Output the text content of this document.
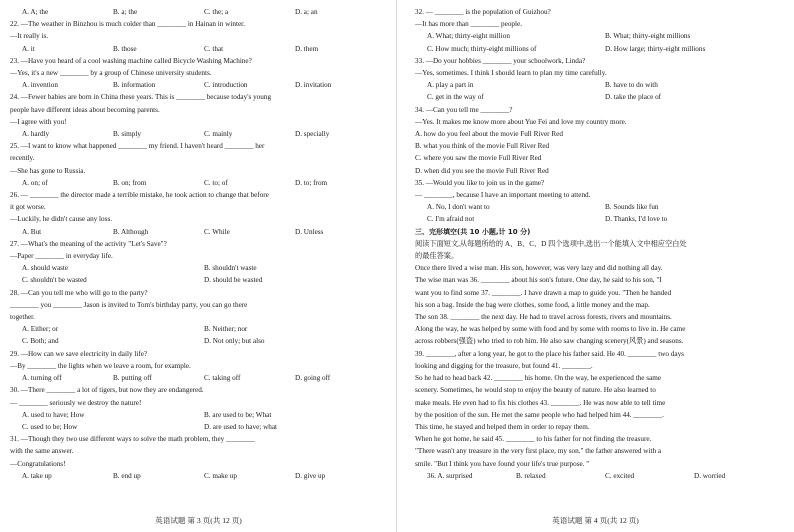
A. A; the	B. a; the	C. the; a	D. a; an
22. —The weather in Binzhou is much colder than ________ in Hainan in winter.
—It really is.
A. it	B. those	C. that	D. them
23. —Have you heard of a cool washing machine called Bicycle Washing Machine?
—Yes, it's a new ________ by a group of Chinese university students.
A. invention	B. information	C. introduction	D. invitation
24. —Fewer babies are born in China these years. This is ________ because today's young
people have different ideas about becoming parents.
—I agree with you!
A. hardly	B. simply	C. mainly	D. specially
25. —I want to know what happened ________ my friend. I haven't heard ________ her
recently.
—She has gone to Russia.
A. on; of	B. on; from	C. to; of	D. to; from
26. — ________ the director made a terrible mistake, he took action to change that before
it got worse.
—Luckily, he didn't cause any loss.
A. But	B. Although	C. While	D. Unless
27. —What's the meaning of the activity "Let's Save"?
—Paper ________ in everyday life.
A. should waste	B. shouldn't waste
C. shouldn't be wasted	D. should be wasted
28. —Can you tell me who will go to the party?
________ you ________ Jason is invited to Tom's birthday party, you can go there
together.
A. Either; or	B. Neither; nor
C. Both; and	D. Not only; but also
29. —How can we save electricity in daily life?
—By ________ the lights when we leave a room, for example.
A. turning off	B. putting off	C. taking off	D. going off
30. —There ________ a lot of tigers, but now they are endangered.
— ________ seriously we destroy the nature!
A. used to have; How	B. are used to be; What
C. used to be; How	D. are used to have; what
31. —Though they two use different ways to solve the math problem, they ________
with the same answer.
—Congratulations!
A. take up	B. end up	C. make up	D. give up
英语试题 第 3 页(共 12 页)
32. — ________ is the population of Guizhou?
—It has more than ________ people.
A. What; thirty-eight million	B. What; thirty-eight millions
C. How much; thirty-eight millions of	D. How large; thirty-eight millions
33. —Do your hobbies ________ your schoolwork, Linda?
—Yes, sometimes. I think I should learn to plan my time carefully.
A. play a part in	B. have to do with
C. get in the way of	D. take the place of
34. —Can you tell me ________?
—Yes. It makes me know more about Yue Fei and love my country more.
A. how do you feel about the movie Full River Red
B. what you think of the movie Full River Red
C. where you saw the movie Full River Red
D. when did you see the movie Full River Red
35. —Would you like to join us in the game?
— ________, because I have an important meeting to attend.
A. No, I don't want to	B. Sounds like fun
C. I'm afraid not	D. Thanks, I'd love to
三、完形填空(共 10 小题,计 10 分)
阅读下面短文,从每题所给的 A、B、C、D 四个选项中,选出一个能填入文中相应空白处
的最佳答案。
Once there lived a wise man. His son, however, was very lazy and did nothing all day.
The wise man was 36. ________ about his son's future. One day, he said to his son, "I
want you to find some 37. ________. I have drawn a map to guide you. "Then he handed
his son a bag. Inside the bag were clothes, some food, a little money and the map.
The son 38. ________ the next day. He had to travel across forests, rivers and mountains.
Along the way, he was helped by some with food and by some with rooms to live in. He came
across robbers(强盗) who tried to rob him. He also saw changing scenery(风景) and seasons.
39. ________, after a long year, he got to the place his father said. He 40. ________ two days
looking and digging for the treasure, but found 41. ________.
So he had to head back 42. ________ his home. On the way, he experienced the same
scenery. Sometimes, he would stop to enjoy the beauty of nature. He also learned to
make meals. He even had to fix his clothes 43. ________. He was now able to tell time
by the position of the sun. He met the same people who had helped him 44. ________.
This time, he stayed and helped them in order to repay them.
When he got home, he said 45. ________ to his father for not finding the treasure.
"There wasn't any treasure in the very first place, my son." the father answered with a
smile. "But I think you have found your life's true purpose. "
36. A. surprised	B. relaxed	C. excited	D. worried
英语试题 第 4 页(共 12 页)
